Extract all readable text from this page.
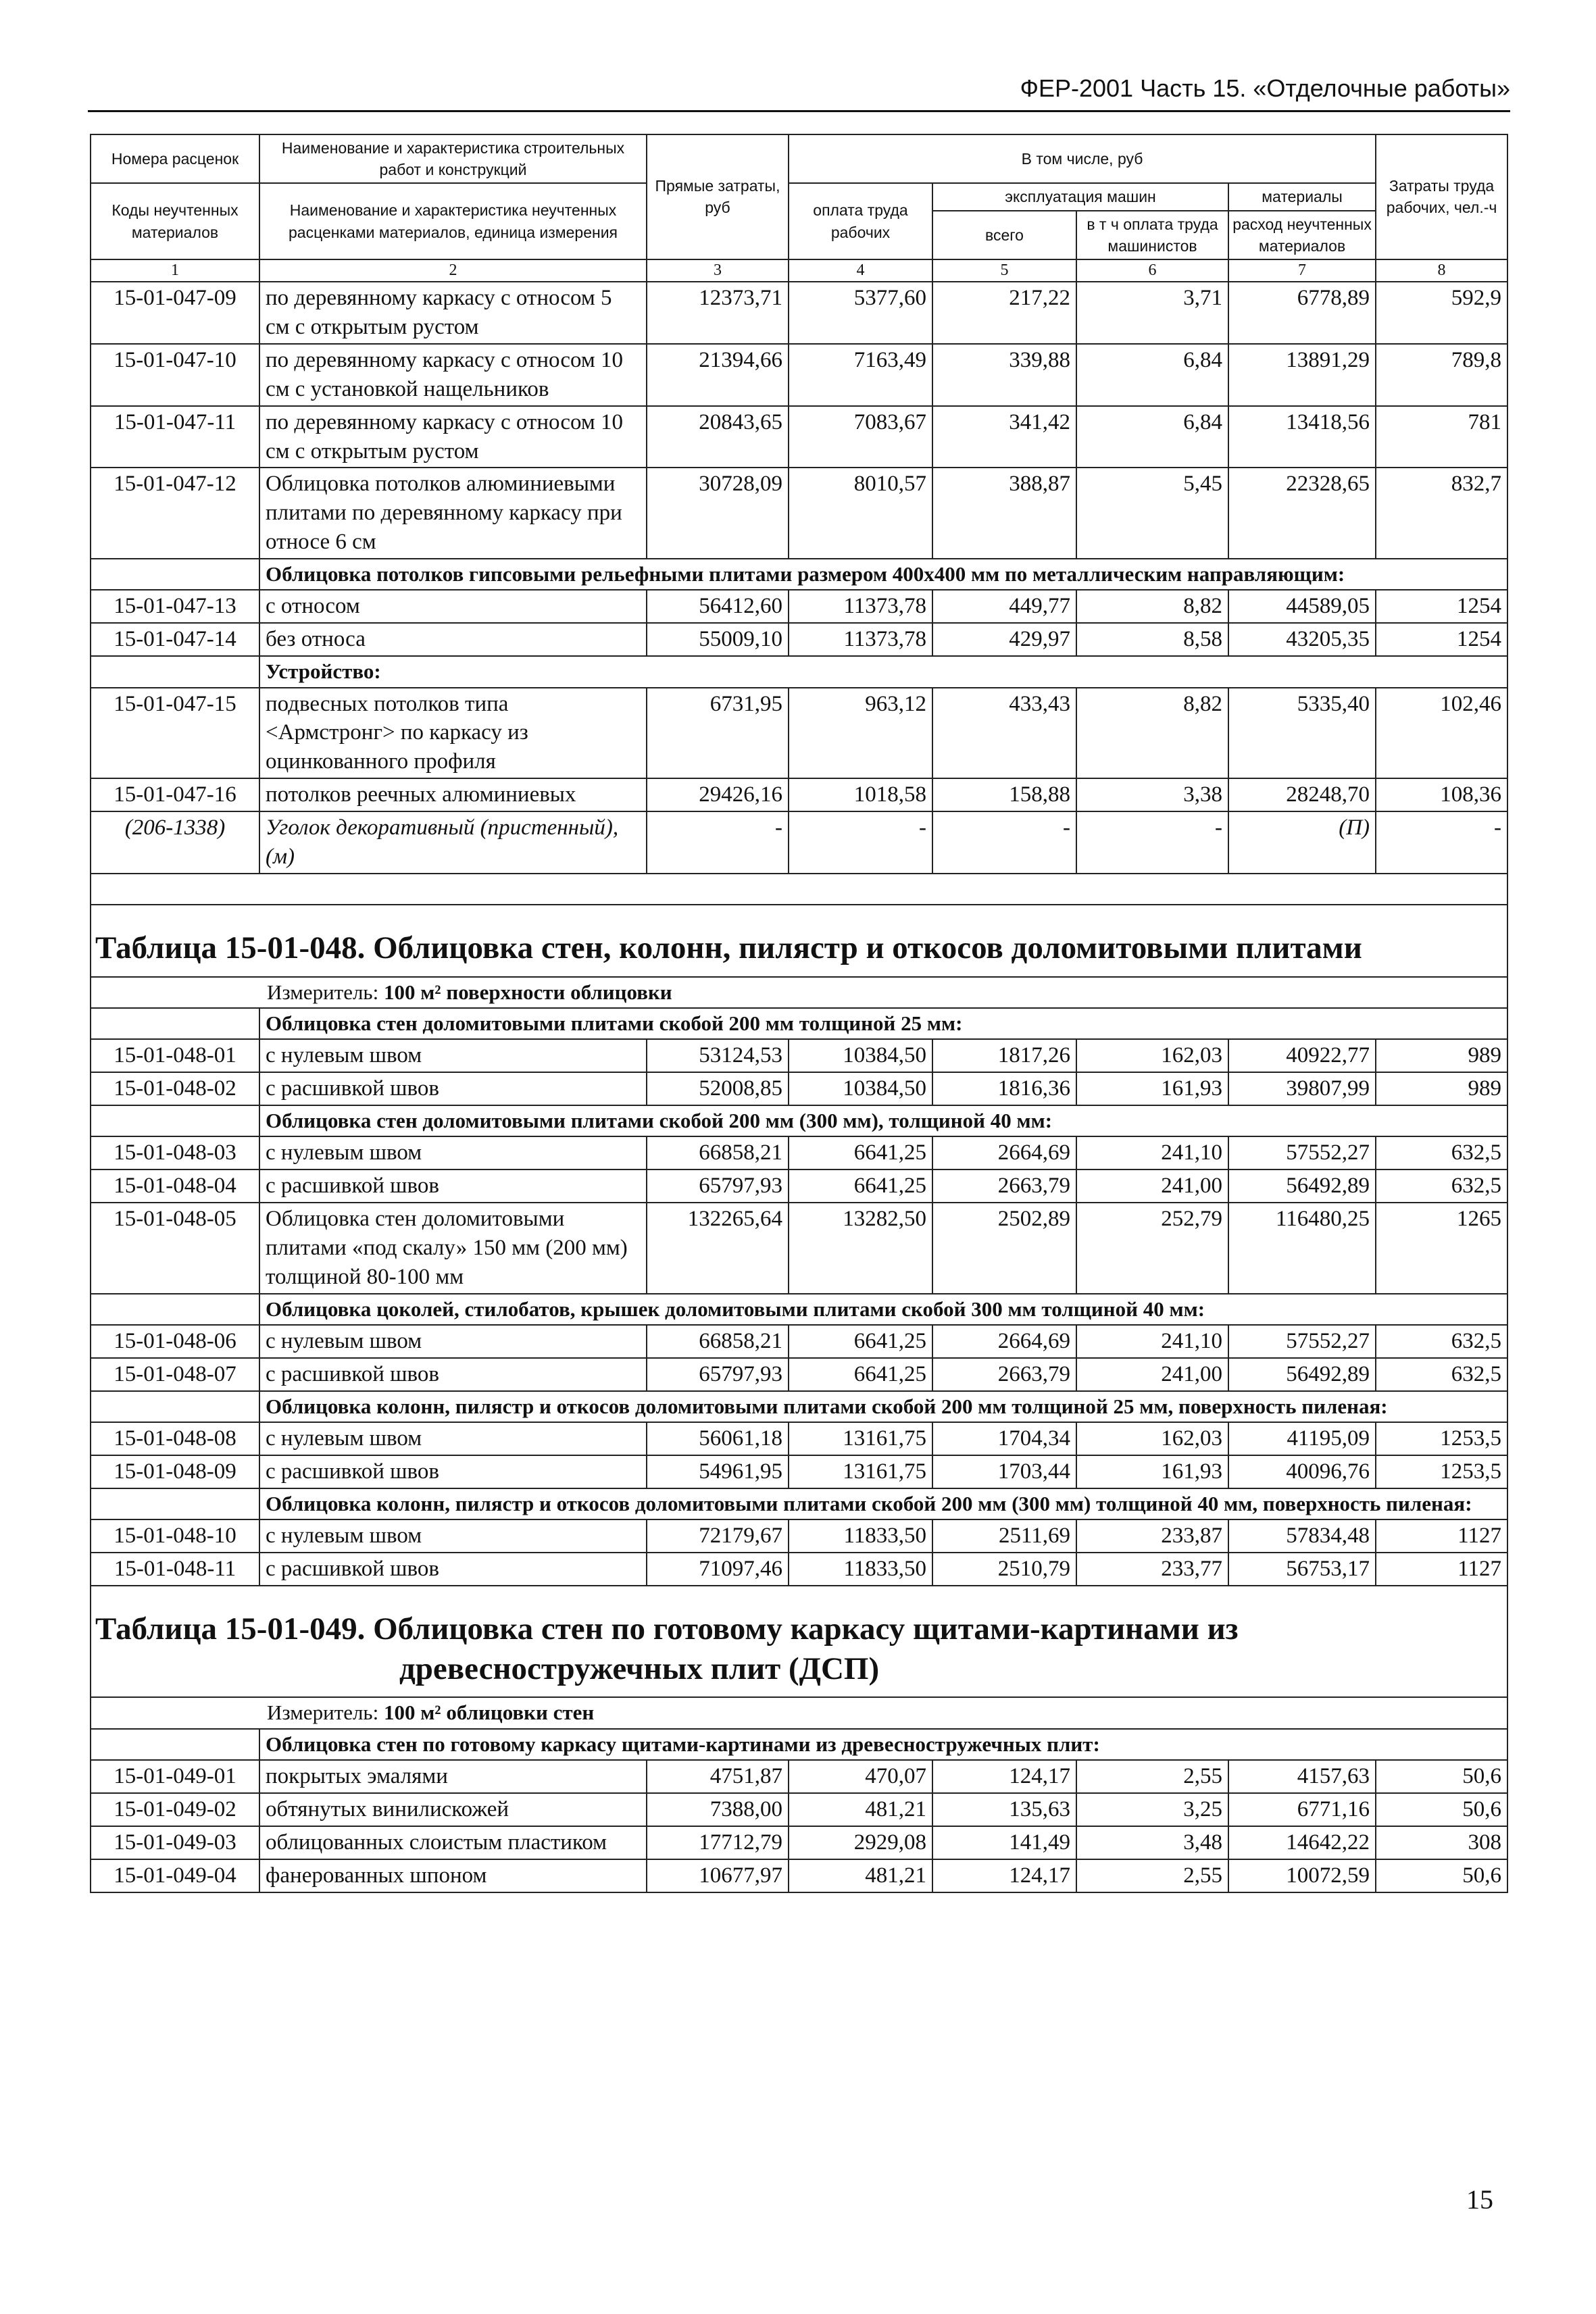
ФЕР-2001 Часть 15. «Отделочные работы»
Номера расценок	Наименование и характеристика строительных работ и конструкций	Прямые затраты, руб	В том числе, руб				Затраты труда рабочих, чел.-ч
Коды неучтенных материалов	Наименование и характеристика неучтенных расценками материалов, единица измерения		оплата труда рабочих	эксплуатация машин		материалы	
				всего	в т ч оплата труда машинистов	расход неучтенных материалов	
1	2	3	4	5	6	7	8
15-01-047-09	по деревянному каркасу с относом 5 см с открытым рустом	12373,71	5377,60	217,22	3,71	6778,89	592,9
15-01-047-10	по деревянному каркасу с относом 10 см с установкой нащельников	21394,66	7163,49	339,88	6,84	13891,29	789,8
15-01-047-11	по деревянному каркасу с относом 10 см с открытым рустом	20843,65	7083,67	341,42	6,84	13418,56	781
15-01-047-12	Облицовка потолков алюминиевыми плитами по деревянному каркасу при относе 6 см	30728,09	8010,57	388,87	5,45	22328,65	832,7
	Облицовка потолков гипсовыми рельефными плитами размером 400х400 мм по металлическим направляющим:						
15-01-047-13	с относом	56412,60	11373,78	449,77	8,82	44589,05	1254
15-01-047-14	без относа	55009,10	11373,78	429,97	8,58	43205,35	1254
	Устройство:						
15-01-047-15	подвесных потолков типа <Армстронг> по каркасу из оцинкованного профиля	6731,95	963,12	433,43	8,82	5335,40	102,46
15-01-047-16	потолков реечных алюминиевых	29426,16	1018,58	158,88	3,38	28248,70	108,36
(206-1338)	Уголок декоративный (пристенный), (м)	-	-	-	-	(П)	-

Таблица 15-01-048. Облицовка стен, колонн, пилястр и откосов доломитовыми плитами							
Измеритель: 100 м² поверхности облицовки							
	Облицовка стен доломитовыми плитами скобой 200 мм толщиной 25 мм:						
15-01-048-01	с нулевым швом	53124,53	10384,50	1817,26	162,03	40922,77	989
15-01-048-02	с расшивкой швов	52008,85	10384,50	1816,36	161,93	39807,99	989
	Облицовка стен доломитовыми плитами скобой 200 мм (300 мм), толщиной 40 мм:						
15-01-048-03	с нулевым швом	66858,21	6641,25	2664,69	241,10	57552,27	632,5
15-01-048-04	с расшивкой швов	65797,93	6641,25	2663,79	241,00	56492,89	632,5
15-01-048-05	Облицовка стен доломитовыми плитами «под скалу» 150 мм (200 мм) толщиной 80-100 мм	132265,64	13282,50	2502,89	252,79	116480,25	1265
	Облицовка цоколей, стилобатов, крышек доломитовыми плитами скобой 300 мм толщиной 40 мм:						
15-01-048-06	с нулевым швом	66858,21	6641,25	2664,69	241,10	57552,27	632,5
15-01-048-07	с расшивкой швов	65797,93	6641,25	2663,79	241,00	56492,89	632,5
	Облицовка колонн, пилястр и откосов доломитовыми плитами скобой 200 мм толщиной 25 мм, поверхность пиленая:						
15-01-048-08	с нулевым швом	56061,18	13161,75	1704,34	162,03	41195,09	1253,5
15-01-048-09	с расшивкой швов	54961,95	13161,75	1703,44	161,93	40096,76	1253,5
	Облицовка колонн, пилястр и откосов доломитовыми плитами скобой 200 мм (300 мм) толщиной 40 мм, поверхность пиленая:						
15-01-048-10	с нулевым швом	72179,67	11833,50	2511,69	233,87	57834,48	1127
15-01-048-11	с расшивкой швов	71097,46	11833,50	2510,79	233,77	56753,17	1127
Таблица 15-01-049. Облицовка стен по готовому каркасу щитами-картинами из
древесностружечных плит (ДСП)							

Измеритель: 100 м² облицовки стен							
	Облицовка стен по готовому каркасу щитами-картинами из древесностружечных плит:						
15-01-049-01	покрытых эмалями	4751,87	470,07	124,17	2,55	4157,63	50,6
15-01-049-02	обтянутых винилискожей	7388,00	481,21	135,63	3,25	6771,16	50,6
15-01-049-03	облицованных слоистым пластиком	17712,79	2929,08	141,49	3,48	14642,22	308
15-01-049-04	фанерованных шпоном	10677,97	481,21	124,17	2,55	10072,59	50,6
15
